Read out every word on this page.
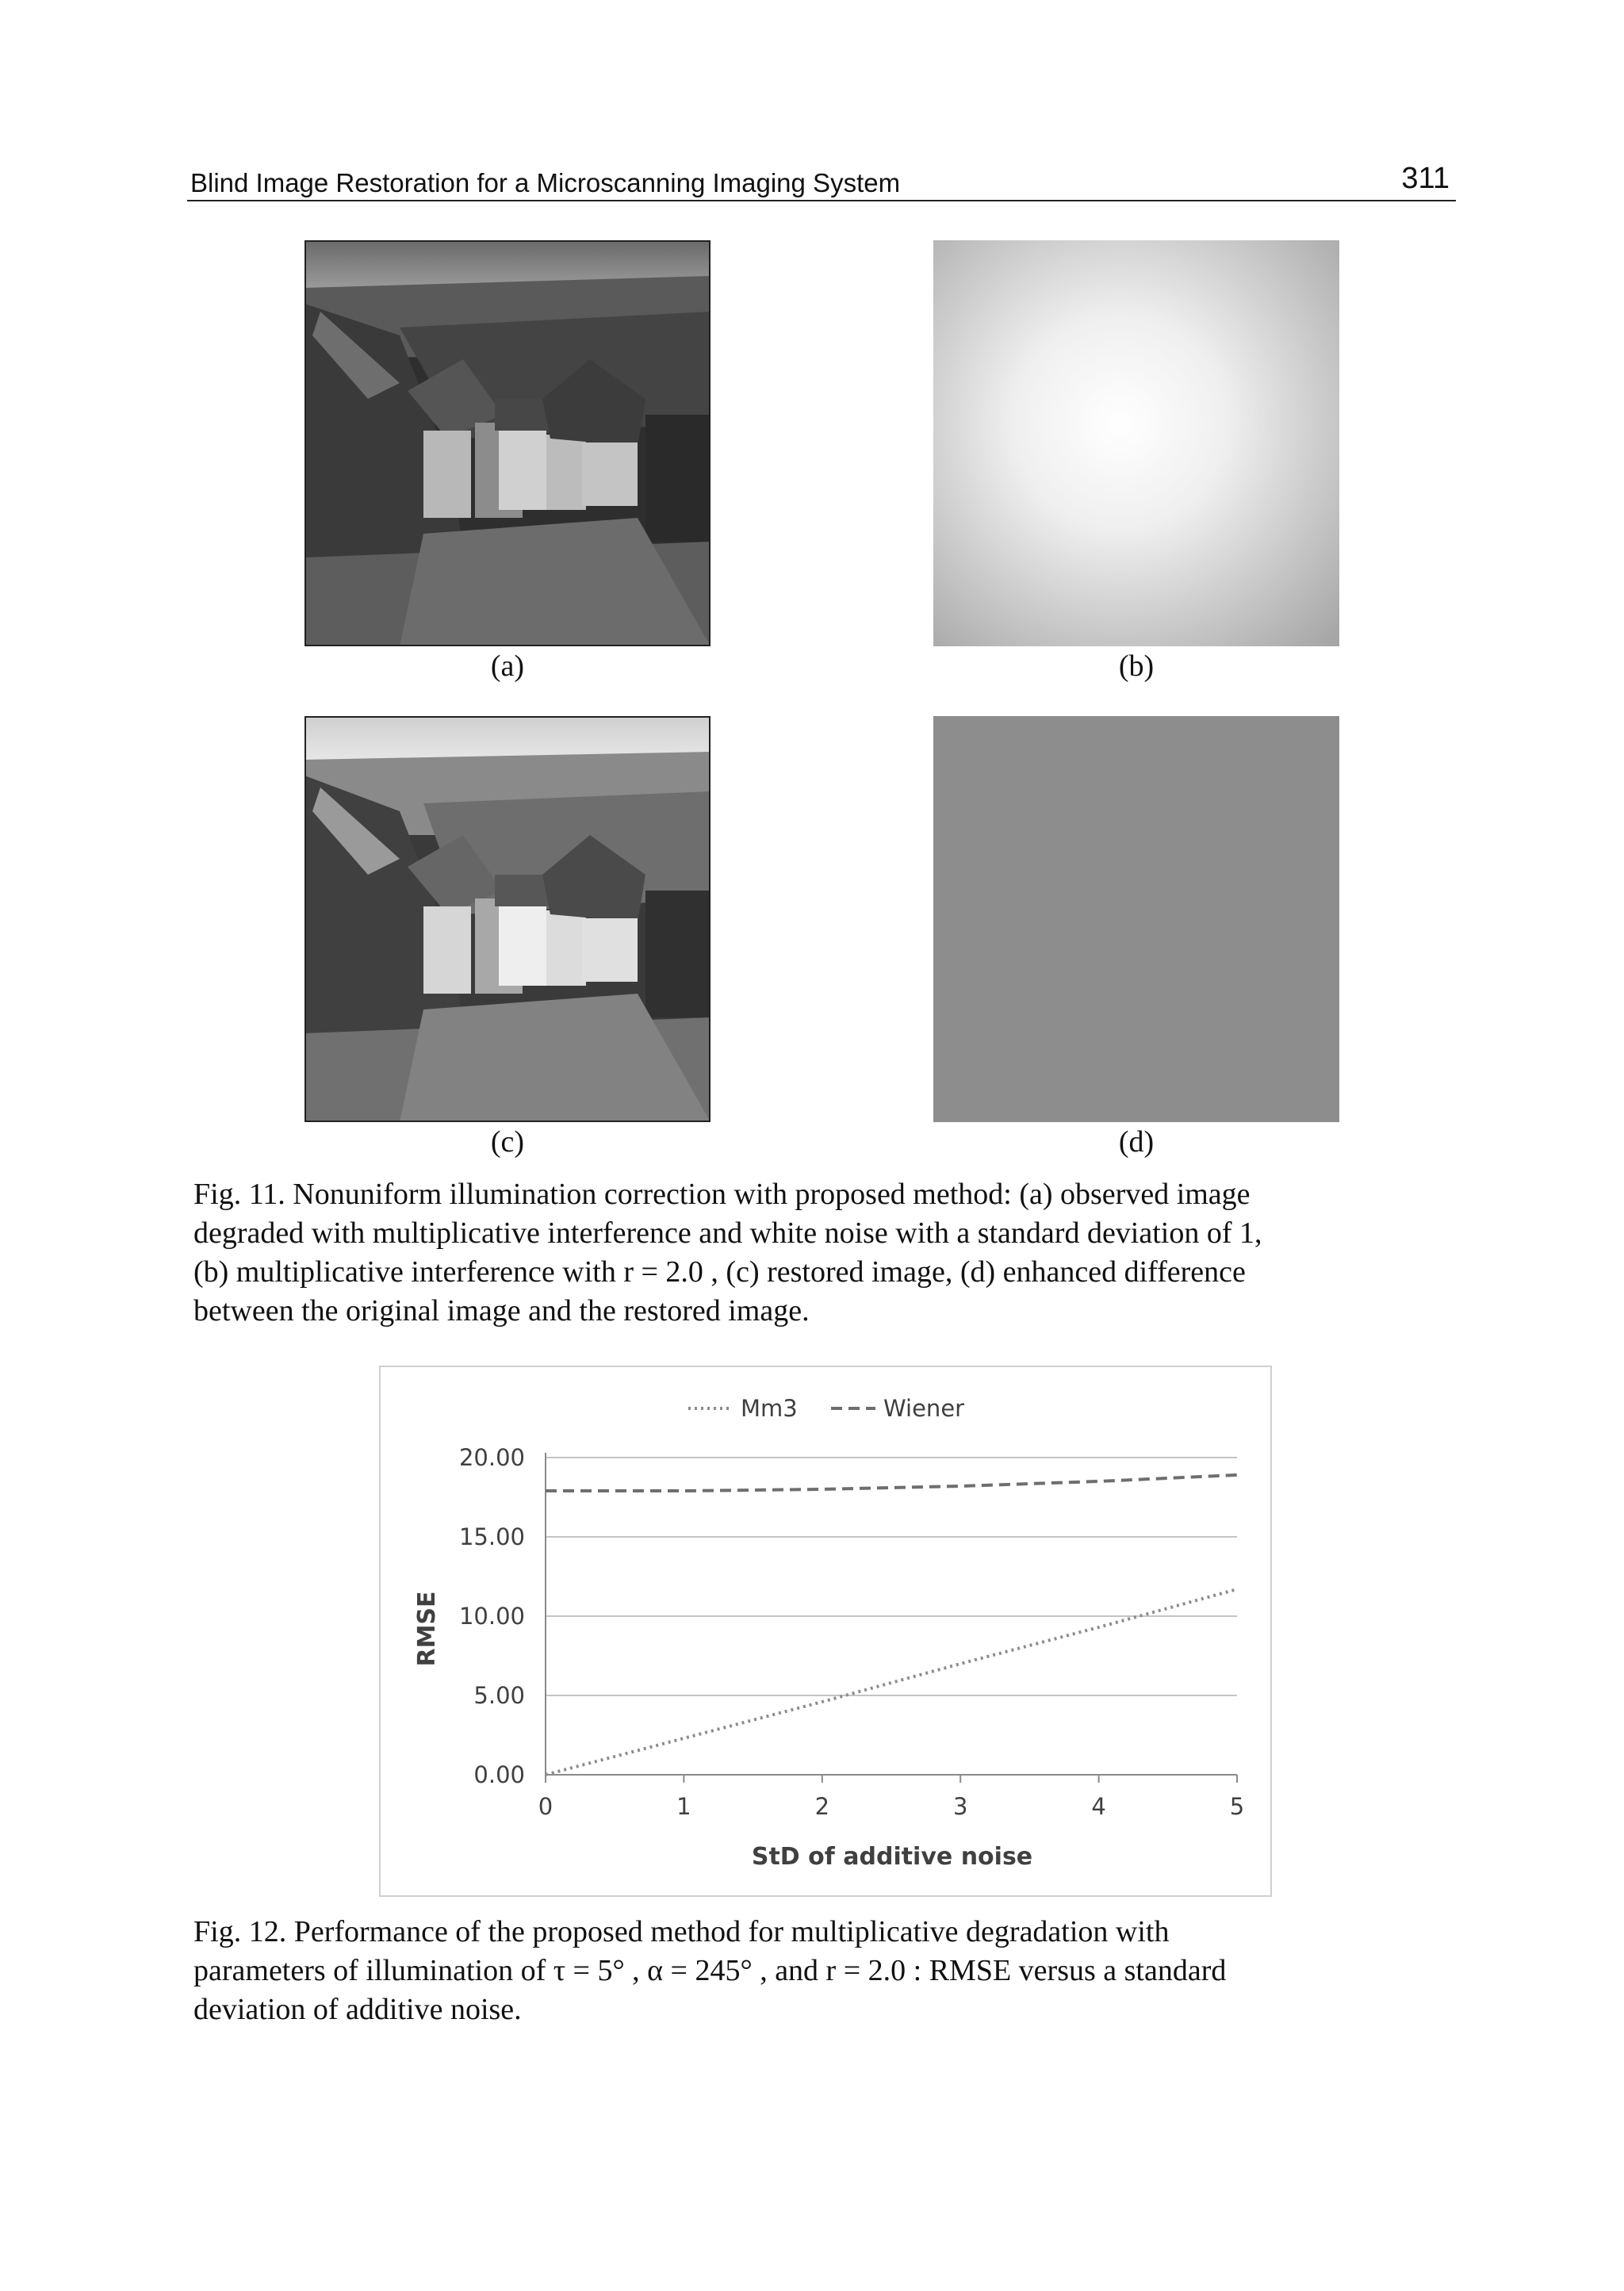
Blind Image Restoration for a Microscanning Imaging System	311
(a)	(b)
(c)	(d)
Fig. 11. Nonuniform illumination correction with proposed method: (a) observed image
degraded with multiplicative interference and white noise with a standard deviation of 1,
(b) multiplicative interference with r = 2.0 , (c) restored image, (d) enhanced difference
between the original image and the restored image.
0.00
5.00
10.00
15.00
20.00
0	1	2	3	4	5
Mm3	Wiener
StD of additive noise
RMSE
Fig. 12. Performance of the proposed method for multiplicative degradation with
parameters of illumination of τ = 5° , α = 245° , and r = 2.0 : RMSE versus a standard
deviation of additive noise.
